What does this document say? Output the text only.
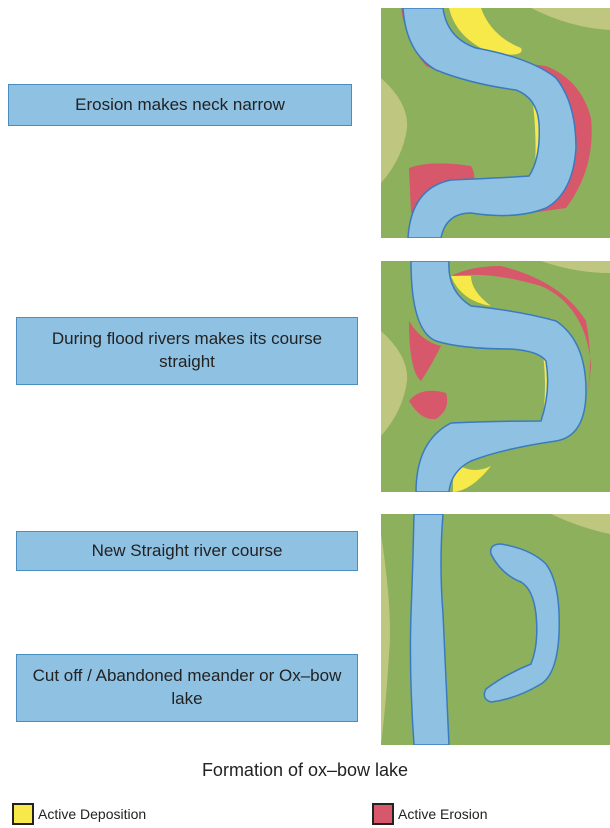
Erosion makes neck narrow
During flood rivers makes its course straight
New Straight river course
Cut off / Abandoned meander or Ox–bow lake
Formation of ox–bow lake
Active Deposition	Active Erosion
